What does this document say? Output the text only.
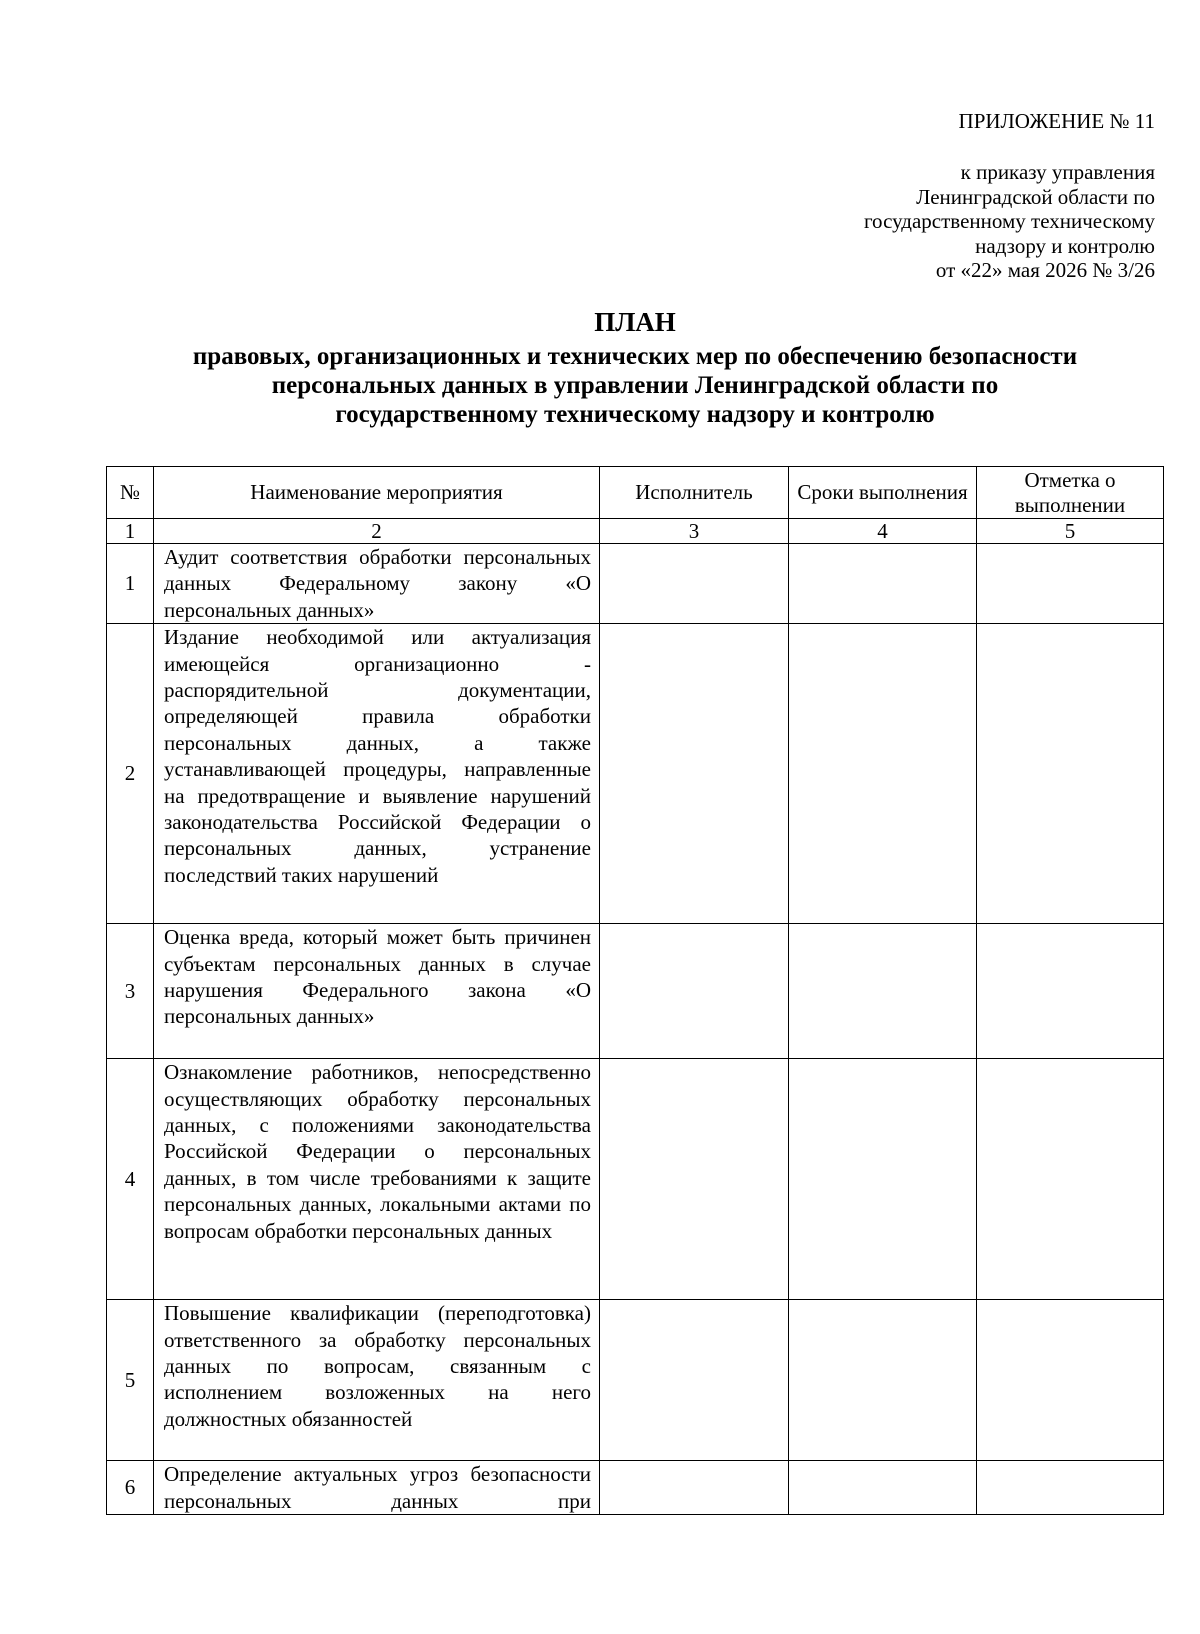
ПРИЛОЖЕНИЕ № 11
к приказу управления
Ленинградской области по
государственному техническому
надзору и контролю
от «22» мая 2026 № 3/26
ПЛАН
правовых, организационных и технических мер по обеспечению безопасности
персональных данных в управлении Ленинградской области по
государственному техническому надзору и контролю
№	Наименование мероприятия	Исполнитель	Сроки выполнения	Отметка о выполнении
1	2	3	4	5
1	Аудит соответствия обработки персональных данных Федеральному закону «О персональных данных»			
2	Издание необходимой или актуализация имеющейся организационно - распорядительной документации, определяющей правила обработки персональных данных, а также устанавливающей процедуры, направленные на предотвращение и выявление нарушений законодательства Российской Федерации о персональных данных, устранение последствий таких нарушений			
3	Оценка вреда, который может быть причинен субъектам персональных данных в случае нарушения Федерального закона «О персональных данных»			
4	Ознакомление работников, непосредственно осуществляющих обработку персональных данных, с положениями законодательства Российской Федерации о персональных данных, в том числе требованиями к защите персональных данных, локальными актами по вопросам обработки персональных данных			
5	Повышение квалификации (переподготовка) ответственного за обработку персональных данных по вопросам, связанным с исполнением возложенных на него должностных обязанностей			
6	Определение актуальных угроз безопасности персональных данных при			
